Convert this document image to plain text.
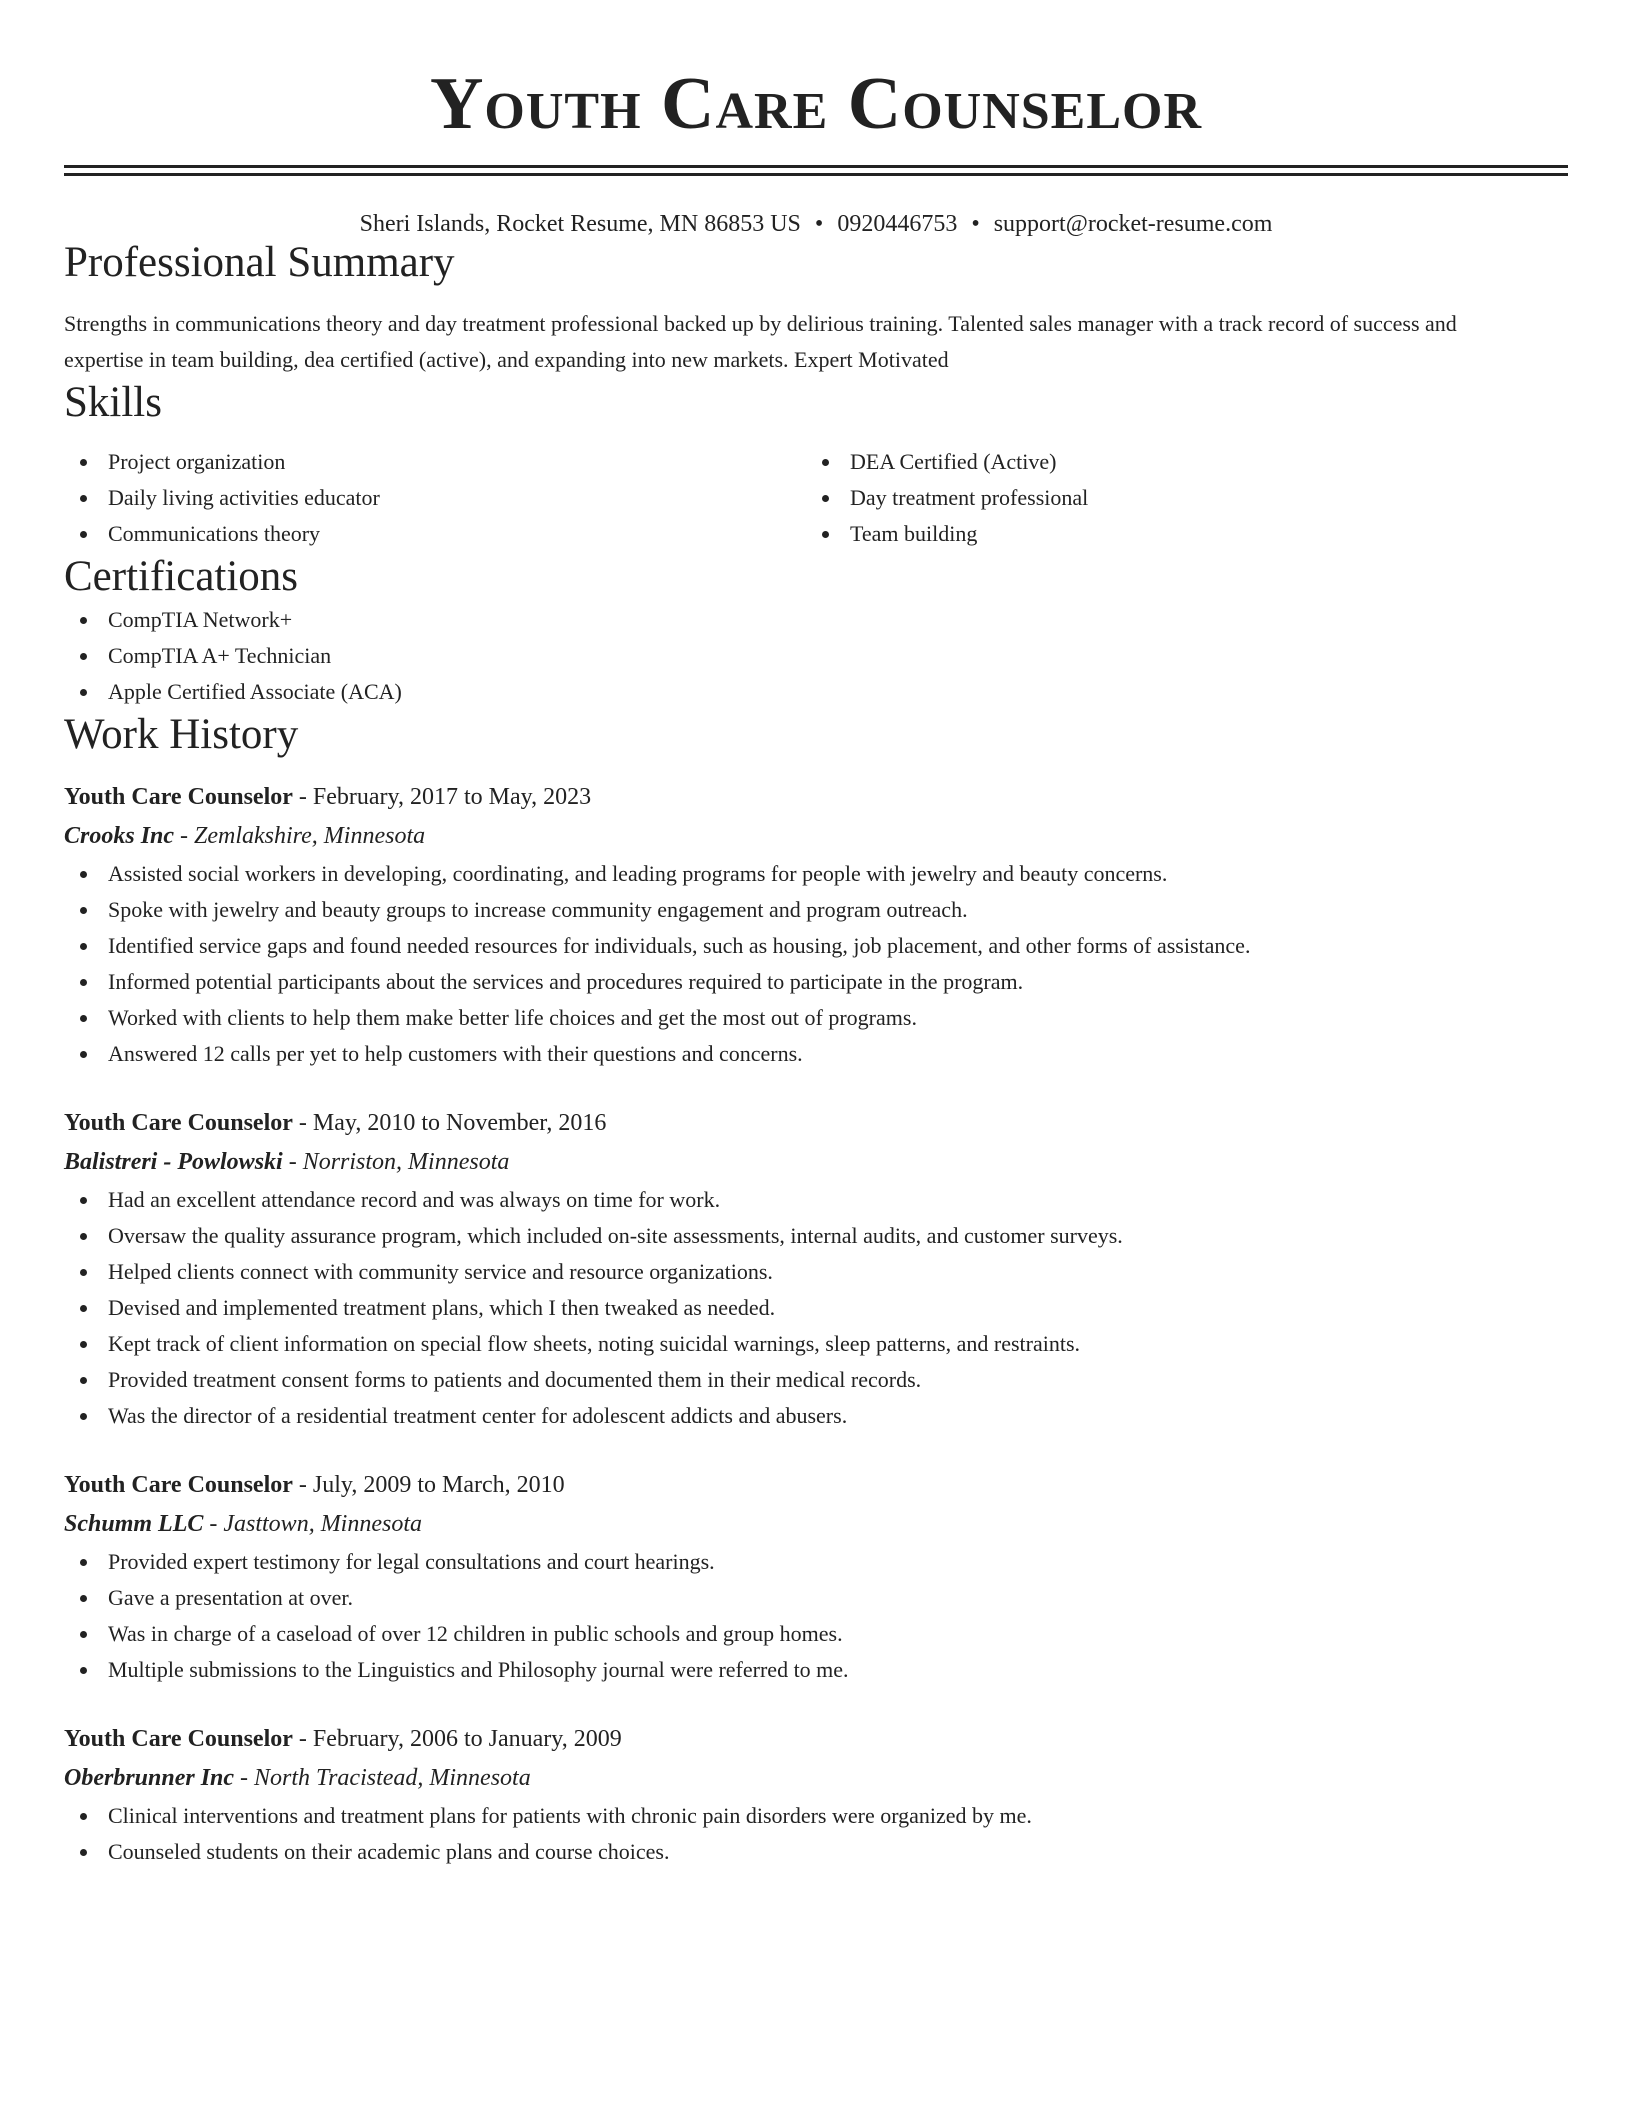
Youth Care Counselor
Sheri Islands, Rocket Resume, MN 86853 US • 0920446753 • support@rocket-resume.com
Professional Summary

Strengths in communications theory and day treatment professional backed up by delirious training. Talented sales manager with a track record of success and expertise in team building, dea certified (active), and expanding into new markets. Expert Motivated

Skills
Project organization
Daily living activities educator
Communications theory
DEA Certified (Active)
Day treatment professional
Team building
Certifications
CompTIA Network+
CompTIA A+ Technician
Apple Certified Associate (ACA)
Work History
Youth Care Counselor - February, 2017 to May, 2023
Crooks Inc - Zemlakshire, Minnesota
Assisted social workers in developing, coordinating, and leading programs for people with jewelry and beauty concerns.
Spoke with jewelry and beauty groups to increase community engagement and program outreach.
Identified service gaps and found needed resources for individuals, such as housing, job placement, and other forms of assistance.
Informed potential participants about the services and procedures required to participate in the program.
Worked with clients to help them make better life choices and get the most out of programs.
Answered 12 calls per yet to help customers with their questions and concerns.
Youth Care Counselor - May, 2010 to November, 2016
Balistreri - Powlowski - Norriston, Minnesota
Had an excellent attendance record and was always on time for work.
Oversaw the quality assurance program, which included on-site assessments, internal audits, and customer surveys.
Helped clients connect with community service and resource organizations.
Devised and implemented treatment plans, which I then tweaked as needed.
Kept track of client information on special flow sheets, noting suicidal warnings, sleep patterns, and restraints.
Provided treatment consent forms to patients and documented them in their medical records.
Was the director of a residential treatment center for adolescent addicts and abusers.
Youth Care Counselor - July, 2009 to March, 2010
Schumm LLC - Jasttown, Minnesota
Provided expert testimony for legal consultations and court hearings.
Gave a presentation at over.
Was in charge of a caseload of over 12 children in public schools and group homes.
Multiple submissions to the Linguistics and Philosophy journal were referred to me.
Youth Care Counselor - February, 2006 to January, 2009
Oberbrunner Inc - North Tracistead, Minnesota
Clinical interventions and treatment plans for patients with chronic pain disorders were organized by me.
Counseled students on their academic plans and course choices.
